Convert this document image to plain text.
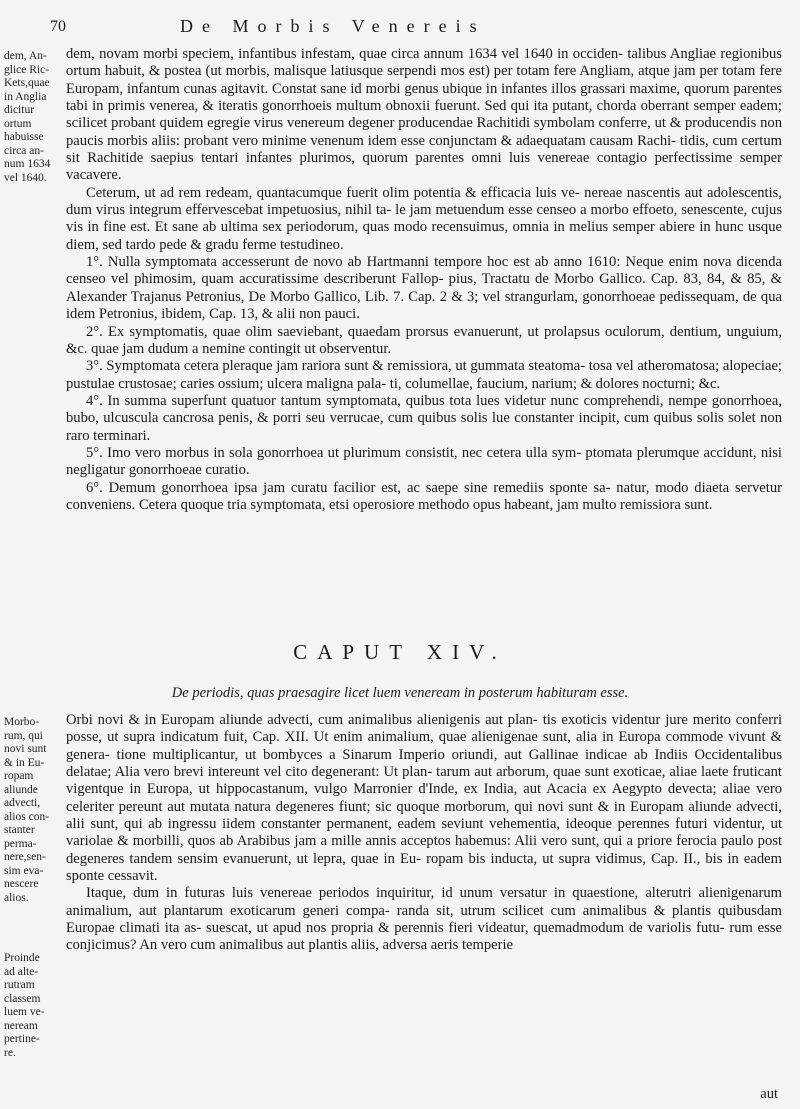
70	De Morbis Venereis
dem, An-
glice Ric-
Kets,quae
in Anglia
dicitur
ortum
habuisse
circa an-
num 1634
vel 1640.

dem, novam morbi speciem, infantibus infestam, quae circa annum 1634 vel 1640 in occiden- talibus Angliae regionibus ortum habuit, & postea (ut morbis, malisque latiusque serpendi mos est) per totam fere Angliam, atque jam per totam fere Europam, infantum cunas agitavit. Constat sane id morbi genus ubique in infantes illos grassari maxime, quorum parentes tabi in primis venerea, & iteratis gonorrhoeis multum obnoxii fuerunt. Sed qui ita putant, chorda oberrant semper eadem; scilicet probant quidem egregie virus venereum degener producendae Rachitidi symbolam conferre, ut & producendis non paucis morbis aliis: probant vero minime venenum idem esse conjunctam & adaequatam causam Rachi- tidis, cum certum sit Rachitide saepius tentari infantes plurimos, quorum parentes omni luis venereae contagio perfectissime semper vacavere.

Ceterum, ut ad rem redeam, quantacumque fuerit olim potentia & efficacia luis ve- nereae nascentis aut adolescentis, dum virus integrum effervescebat impetuosius, nihil ta- le jam metuendum esse censeo a morbo effoeto, senescente, cujus vis in fine est. Et sane ab ultima sex periodorum, quas modo recensuimus, omnia in melius semper abiere in hunc usque diem, sed tardo pede & gradu ferme testudineo.

1°. Nulla symptomata accesserunt de novo ab Hartmanni tempore hoc est ab anno 1610: Neque enim nova dicenda censeo vel phimosim, quam accuratissime describerunt Fallop- pius, Tractatu de Morbo Gallico. Cap. 83, 84, & 85, & Alexander Trajanus Petronius, De Morbo Gallico, Lib. 7. Cap. 2 & 3; vel strangurlam, gonorrhoeae pedissequam, de qua idem Petronius, ibidem, Cap. 13, & alii non pauci.

2°. Ex symptomatis, quae olim saeviebant, quaedam prorsus evanuerunt, ut prolapsus oculorum, dentium, unguium, &c. quae jam dudum a nemine contingit ut observentur.

3°. Symptomata cetera pleraque jam rariora sunt & remissiora, ut gummata steatoma- tosa vel atheromatosa; alopeciae; pustulae crustosae; caries ossium; ulcera maligna pala- ti, columellae, faucium, narium; & dolores nocturni; &c.

4°. In summa superfunt quatuor tantum symptomata, quibus tota lues videtur nunc comprehendi, nempe gonorrhoea, bubo, ulcuscula cancrosa penis, & porri seu verrucae, cum quibus solis lue constanter incipit, cum quibus solis solet non raro terminari.

5°. Imo vero morbus in sola gonorrhoea ut plurimum consistit, nec cetera ulla sym- ptomata plerumque accidunt, nisi negligatur gonorrhoeae curatio.

6°. Demum gonorrhoea ipsa jam curatu facilior est, ac saepe sine remediis sponte sa- natur, modo diaeta servetur conveniens. Cetera quoque tria symptomata, etsi operosiore methodo opus habeant, jam multo remissiora sunt.

CAPUT XIV.
De periodis, quas praesagire licet luem veneream in posterum habituram esse.
Morbo-
rum, qui
novi sunt
& in Eu-
ropam
aliunde
advecti,
alios con-
stanter
perma-
nere,sen-
sim eva-
nescere
alios.
Proinde
ad alte-
rutram
classem
luem ve-
neream
pertine-
re.

Orbi novi & in Europam aliunde advecti, cum animalibus alienigenis aut plan- tis exoticis videntur jure merito conferri posse, ut supra indicatum fuit, Cap. XII. Ut enim animalium, quae alienigenae sunt, alia in Europa commode vivunt & genera- tione multiplicantur, ut bombyces a Sinarum Imperio oriundi, aut Gallinae indicae ab Indiis Occidentalibus delatae; Alia vero brevi intereunt vel cito degenerant: Ut plan- tarum aut arborum, quae sunt exoticae, aliae laete fruticant vigentque in Europa, ut hippocastanum, vulgo Marronier d'Inde, ex India, aut Acacia ex Aegypto devecta; aliae vero celeriter pereunt aut mutata natura degeneres fiunt; sic quoque morborum, qui novi sunt & in Europam aliunde advecti, alii sunt, qui ab ingressu iidem constanter permanent, eadem seviunt vehementia, ideoque perennes futuri videntur, ut variolae & morbilli, quos ab Arabibus jam a mille annis acceptos habemus: Alii vero sunt, qui a priore ferocia paulo post degeneres tandem sensim evanuerunt, ut lepra, quae in Eu- ropam bis inducta, ut supra vidimus, Cap. II., bis in eadem sponte cessavit.

Itaque, dum in futuras luis venereae periodos inquiritur, id unum versatur in quaestione, alterutri alienigenarum animalium, aut plantarum exoticarum generi compa- randa sit, utrum scilicet cum animalibus & plantis quibusdam Europae climati ita as- suescat, ut apud nos propria & perennis fieri videatur, quemadmodum de variolis futu- rum esse conjicimus? An vero cum animalibus aut plantis aliis, adversa aeris temperie

aut
